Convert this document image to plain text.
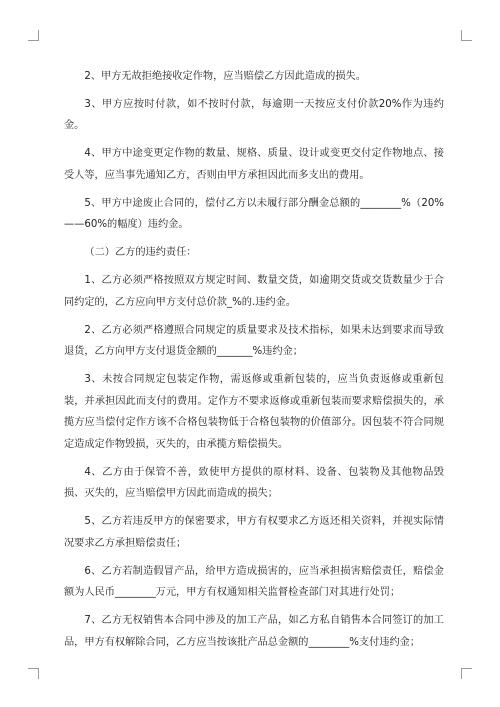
2、甲方无故拒绝接收定作物，应当赔偿乙方因此造成的损失。

3、甲方应按时付款，如不按时付款，每逾期一天按应支付价款20%作为违约金。

4、甲方中途变更定作物的数量、规格、质量、设计或变更交付定作物地点、接受人等，应当事先通知乙方，否则由甲方承担因此而多支出的费用。

5、甲方中途废止合同的，偿付乙方以未履行部分酬金总额的________%（20%——60%的幅度）违约金。

（二）乙方的违约责任：

1、乙方必须严格按照双方规定时间、数量交货，如逾期交货或交货数量少于合同约定的，乙方应向甲方支付总价款_%的.违约金。

2、乙方必须严格遵照合同规定的质量要求及技术指标，如果未达到要求而导致退货，乙方向甲方支付退货金额的_______%违约金；

3、未按合同规定包装定作物，需返修或重新包装的，应当负责返修或重新包装，并承担因此而支付的费用。定作方不要求返修或重新包装而要求赔偿损失的，承揽方应当偿付定作方该不合格包装物低于合格包装物的价值部分。因包装不符合同规定造成定作物毁损，灭失的，由承揽方赔偿损失。

4、乙方由于保管不善，致使甲方提供的原材料、设备、包装物及其他物品毁损、灭失的，应当赔偿甲方因此而造成的损失；

5、乙方若违反甲方的保密要求，甲方有权要求乙方返还相关资料，并视实际情况要求乙方承担赔偿责任；

6、乙方若制造假冒产品，给甲方造成损害的，应当承担损害赔偿责任，赔偿金额为人民币________万元，甲方有权通知相关监督检查部门对其进行处罚；

7、乙方无权销售本合同中涉及的加工产品，如乙方私自销售本合同签订的加工品，甲方有权解除合同，乙方应当按该批产品总金额的________%支付违约金；
